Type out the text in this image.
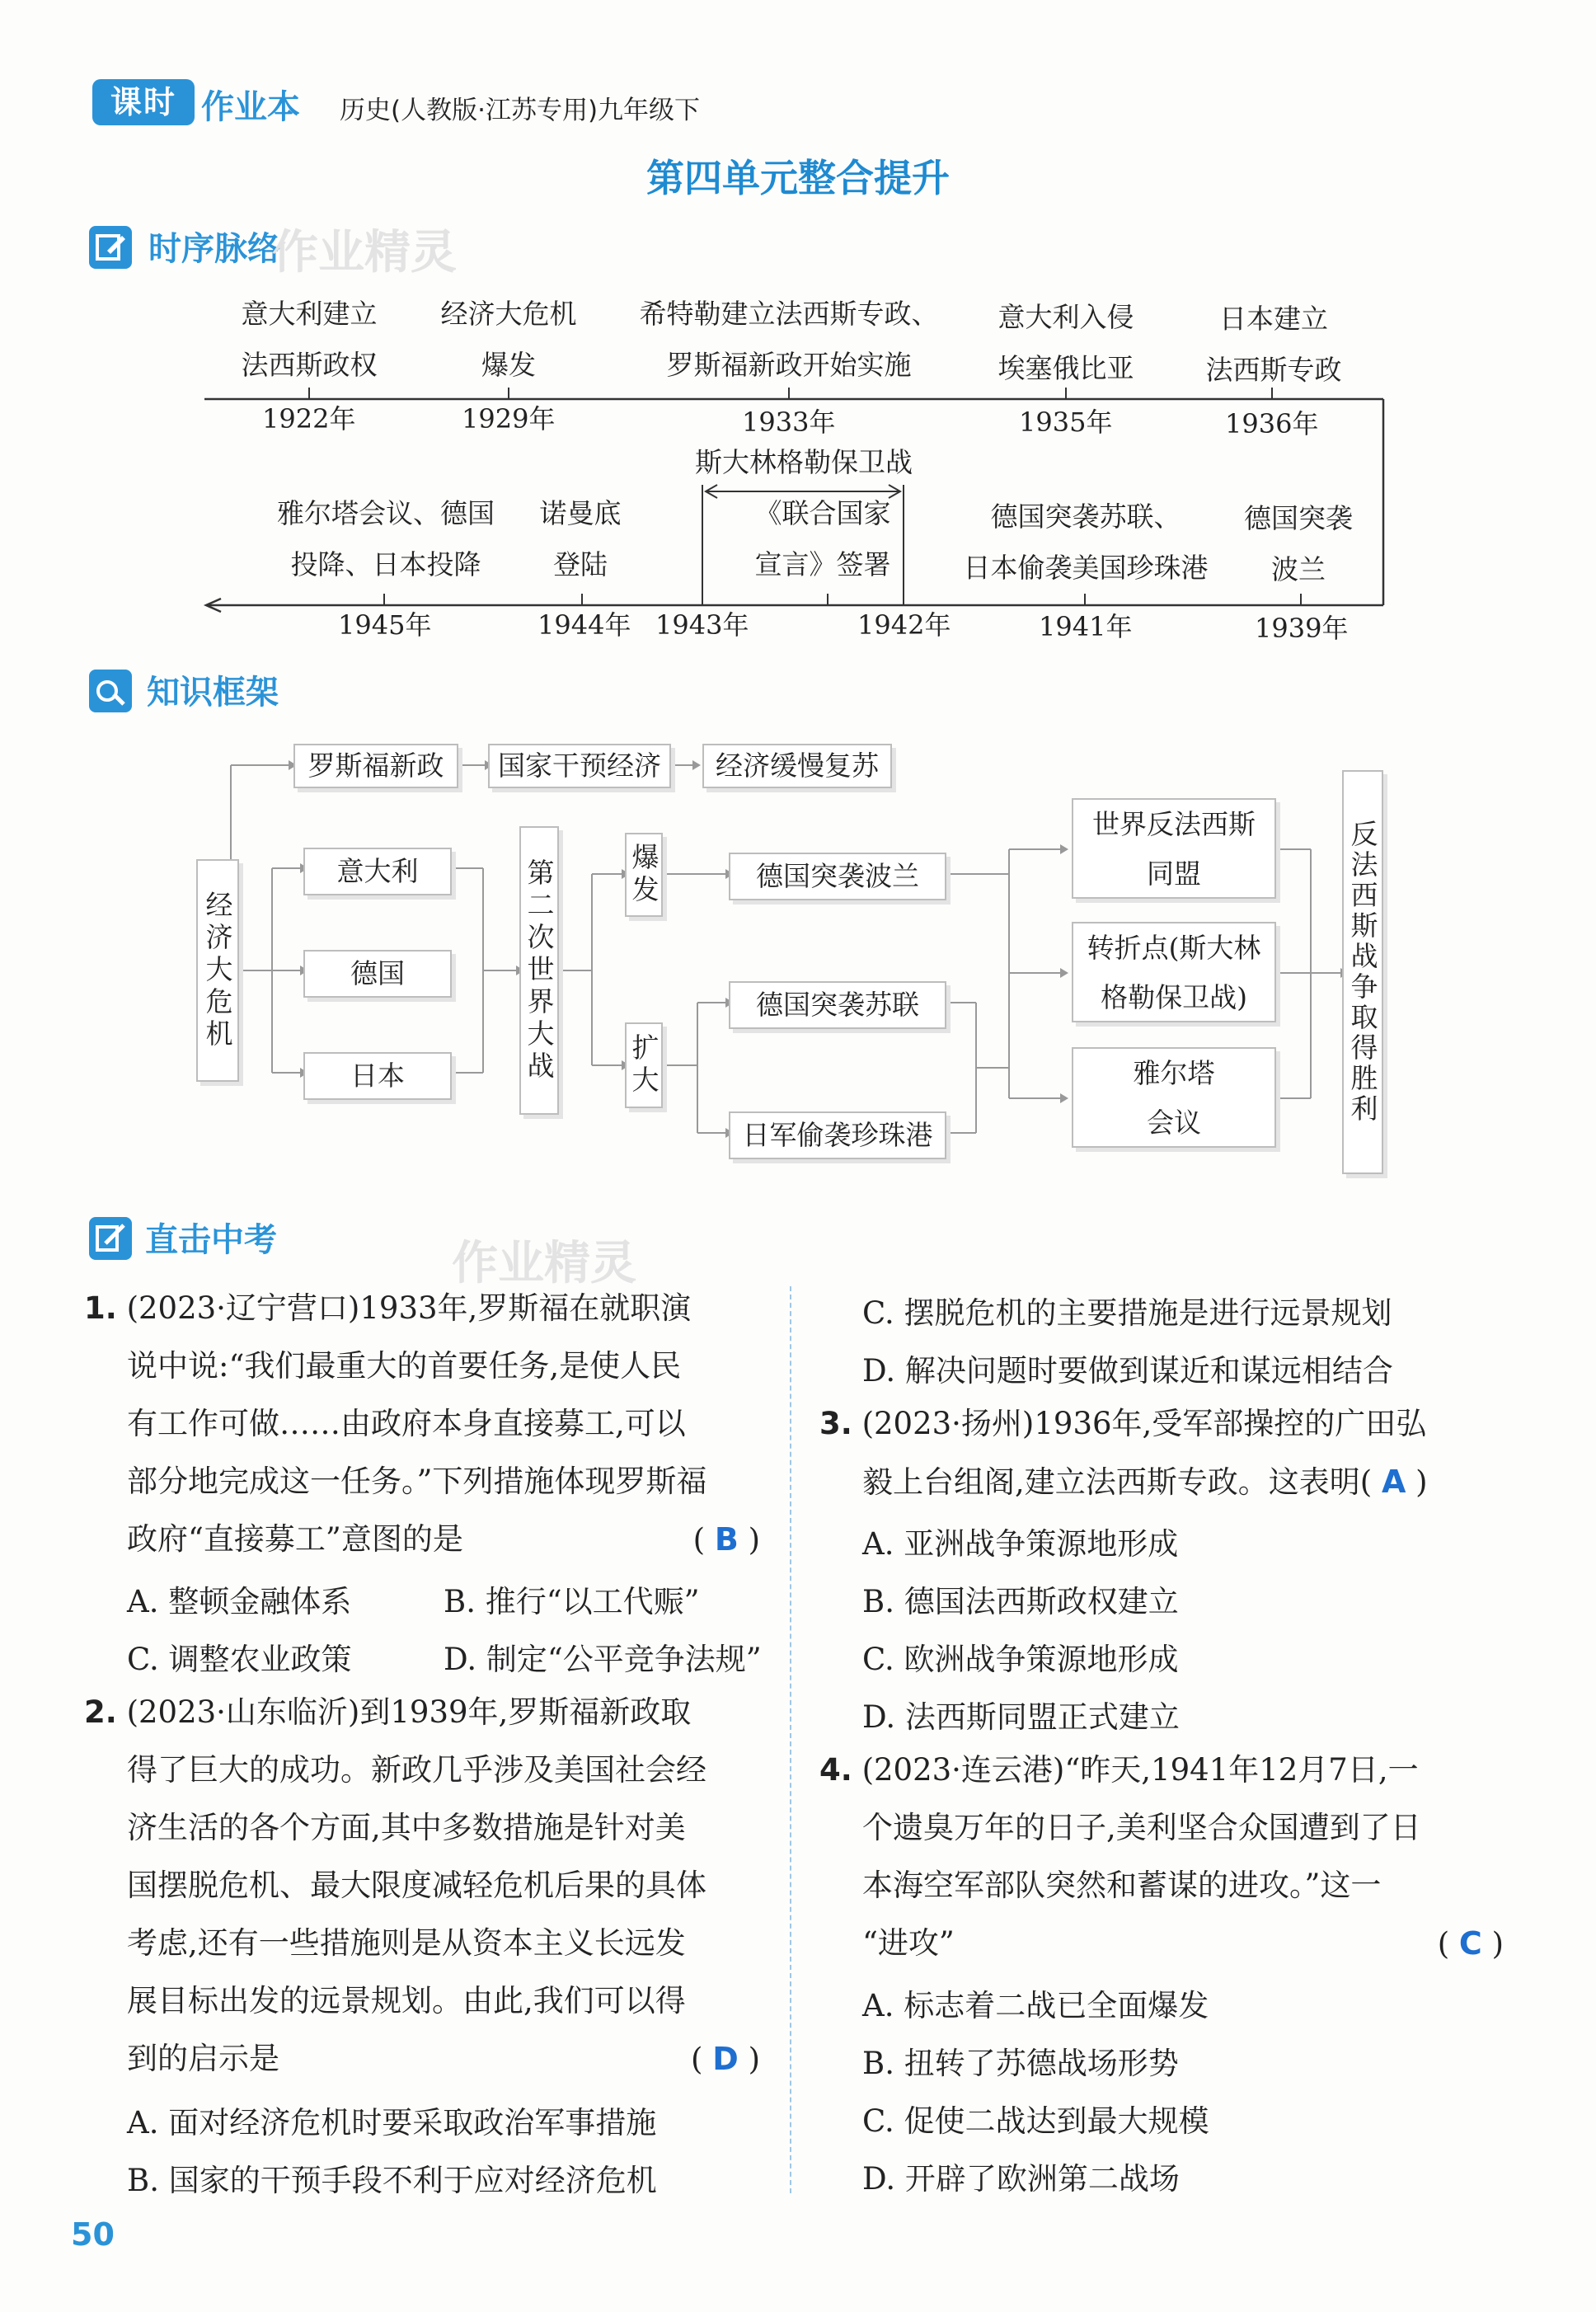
课时 作业本 历史(人教版·江苏专用)九年级下
第四单元整合提升
时序脉络
作业精灵
意大利建立
法西斯政权
1922年
经济大危机
爆发
1929年
希特勒建立法西斯专政、
罗斯福新政开始实施
1933年
意大利入侵
埃塞俄比亚
1935年
日本建立
法西斯专政
1936年
斯大林格勒保卫战
雅尔塔会议、德国
投降、日本投降
1945年
诺曼底
登陆
1944年 1943年
《联合国家
宣言》签署
1942年
德国突袭苏联、
日本偷袭美国珍珠港
1941年
德国突袭
波兰
1939年
知识框架
经济大危机
罗斯福新政	国家干预经济	经济缓慢复苏
意大利
德国
日本	第二次世界大战	爆发
扩大
德国突袭波兰
德国突袭苏联
日军偷袭珍珠港
世界反法西斯
同盟
转折点(斯大林
格勒保卫战)
雅尔塔
会议	反法西斯战争取得胜利
直击中考	作业精灵
1. (2023·辽宁营口)1933年,罗斯福在就职演
说中说:“我们最重大的首要任务,是使人民
有工作可做……由政府本身直接募工,可以
部分地完成这一任务。”下列措施体现罗斯福
政府“直接募工”意图的是	( B )
A. 整顿金融体系	B. 推行“以工代赈”
C. 调整农业政策	D. 制定“公平竞争法规”
2. (2023·山东临沂)到1939年,罗斯福新政取
得了巨大的成功。新政几乎涉及美国社会经
济生活的各个方面,其中多数措施是针对美
国摆脱危机、最大限度减轻危机后果的具体
考虑,还有一些措施则是从资本主义长远发
展目标出发的远景规划。由此,我们可以得
到的启示是	( D )
A. 面对经济危机时要采取政治军事措施
B. 国家的干预手段不利于应对经济危机
C. 摆脱危机的主要措施是进行远景规划
D. 解决问题时要做到谋近和谋远相结合
3. (2023·扬州)1936年,受军部操控的广田弘
毅上台组阁,建立法西斯专政。这表明( A )
A. 亚洲战争策源地形成
B. 德国法西斯政权建立
C. 欧洲战争策源地形成
D. 法西斯同盟正式建立
4. (2023·连云港)“昨天,1941年12月7日,一
个遗臭万年的日子,美利坚合众国遭到了日
本海空军部队突然和蓄谋的进攻。”这一
“进攻”	( C )
A. 标志着二战已全面爆发
B. 扭转了苏德战场形势
C. 促使二战达到最大规模
D. 开辟了欧洲第二战场
50
